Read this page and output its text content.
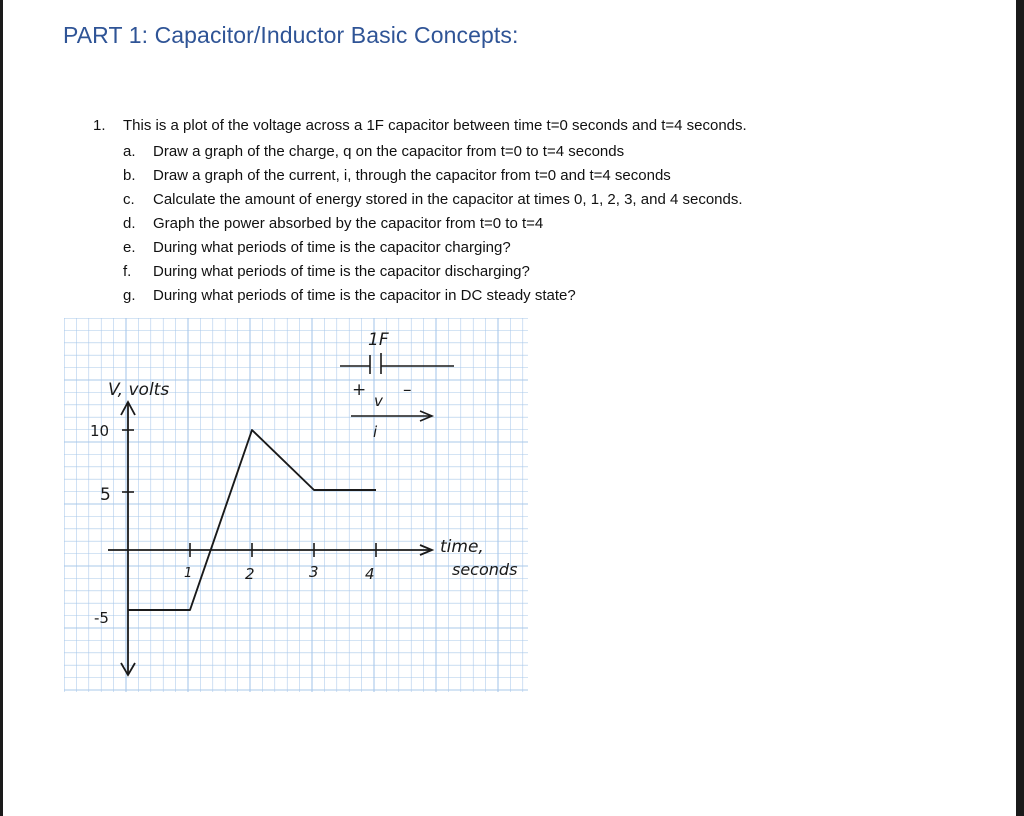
PART 1: Capacitor/Inductor Basic Concepts:
1. This is a plot of the voltage across a 1F capacitor between time t=0 seconds and t=4 seconds.
a. Draw a graph of the charge, q on the capacitor from t=0 to t=4 seconds
b. Draw a graph of the current, i, through the capacitor from t=0 and t=4 seconds
c. Calculate the amount of energy stored in the capacitor at times 0, 1, 2, 3, and 4 seconds.
d. Graph the power absorbed by the capacitor from t=0 to t=4
e. During what periods of time is the capacitor charging?
f. During what periods of time is the capacitor discharging?
g. During what periods of time is the capacitor in DC steady state?
V, volts
time,
seconds
10
5
-5
1	2	3	4
1F
+ –
v
i
